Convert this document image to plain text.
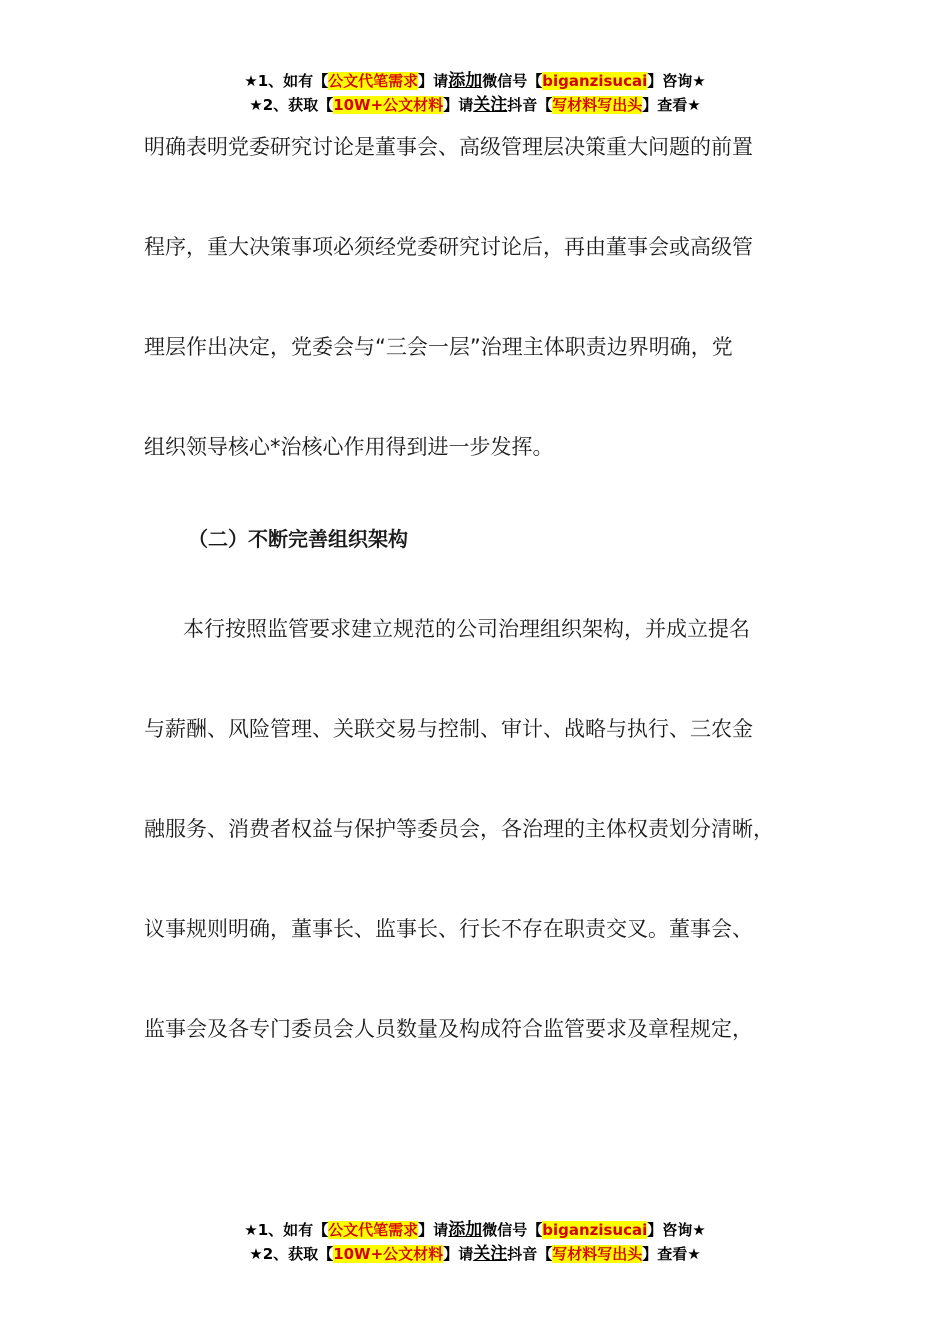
★1、如有【公文代笔需求】请添加微信号【biganzisucai】咨询★
★2、获取【10W+公文材料】请关注抖音【写材料写出头】查看★
明确表明党委研究讨论是董事会、高级管理层决策重大问题的前置
程序，重大决策事项必须经党委研究讨论后，再由董事会或高级管
理层作出决定，党委会与“三会一层”治理主体职责边界明确，党
组织领导核心*治核心作用得到进一步发挥。
（二）不断完善组织架构
本行按照监管要求建立规范的公司治理组织架构，并成立提名
与薪酬、风险管理、关联交易与控制、审计、战略与执行、三农金
融服务、消费者权益与保护等委员会，各治理的主体权责划分清晰，
议事规则明确，董事长、监事长、行长不存在职责交叉。董事会、
监事会及各专门委员会人员数量及构成符合监管要求及章程规定，
★1、如有【公文代笔需求】请添加微信号【biganzisucai】咨询★
★2、获取【10W+公文材料】请关注抖音【写材料写出头】查看★
